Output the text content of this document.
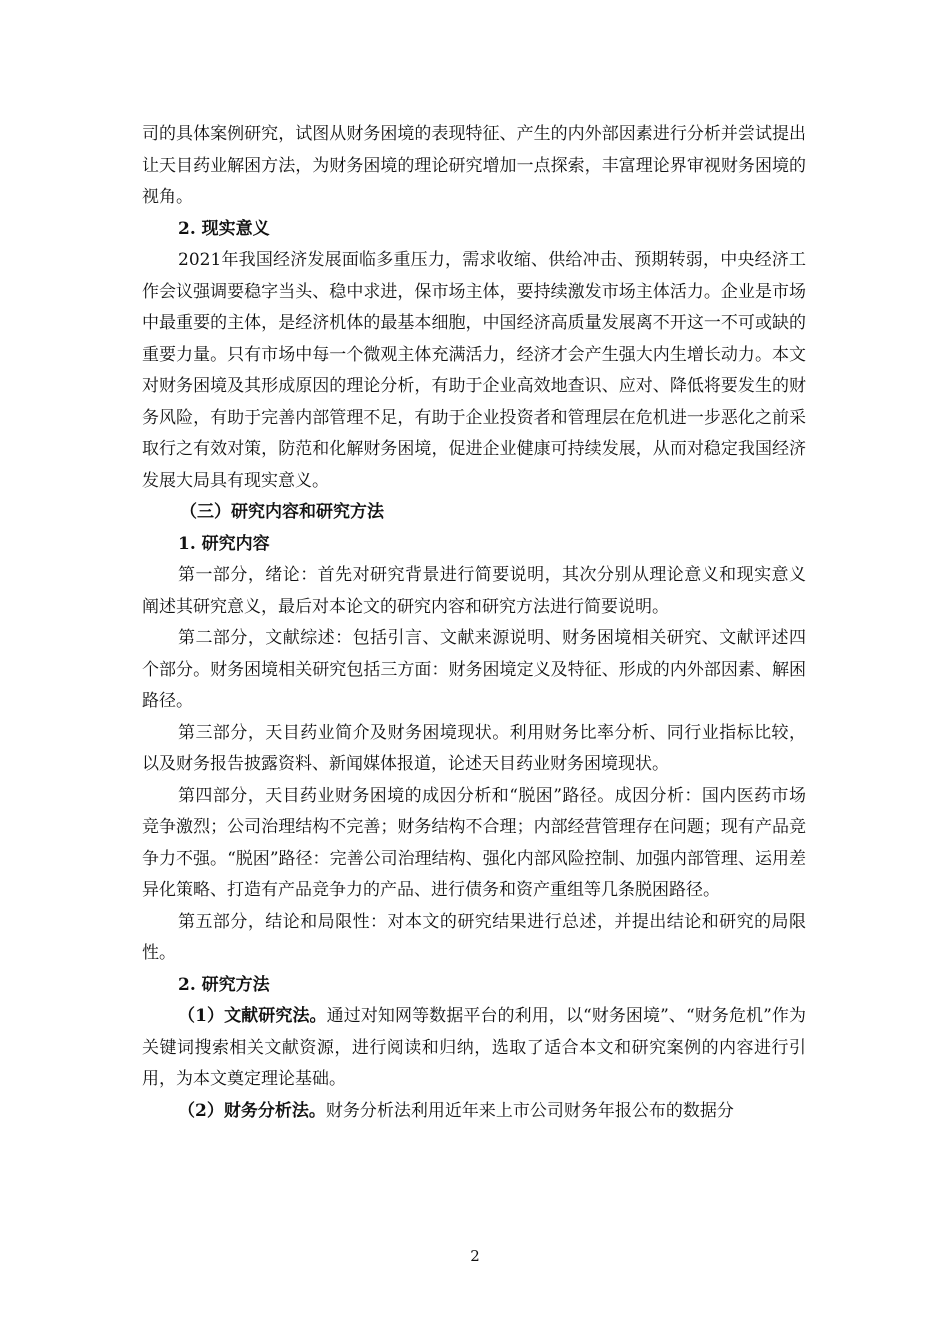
司的具体案例研究，试图从财务困境的表现特征、产生的内外部因素进行分析并尝试提出让天目药业解困方法，为财务困境的理论研究增加一点探索，丰富理论界审视财务困境的视角。

2. 现实意义

2021年我国经济发展面临多重压力，需求收缩、供给冲击、预期转弱，中央经济工作会议强调要稳字当头、稳中求进，保市场主体，要持续激发市场主体活力。企业是市场中最重要的主体，是经济机体的最基本细胞，中国经济高质量发展离不开这一不可或缺的重要力量。只有市场中每一个微观主体充满活力，经济才会产生强大内生增长动力。本文对财务困境及其形成原因的理论分析，有助于企业高效地查识、应对、降低将要发生的财务风险，有助于完善内部管理不足，有助于企业投资者和管理层在危机进一步恶化之前采取行之有效对策，防范和化解财务困境，促进企业健康可持续发展，从而对稳定我国经济发展大局具有现实意义。

（三）研究内容和研究方法

1. 研究内容

第一部分，绪论：首先对研究背景进行简要说明，其次分别从理论意义和现实意义阐述其研究意义，最后对本论文的研究内容和研究方法进行简要说明。

第二部分，文献综述：包括引言、文献来源说明、财务困境相关研究、文献评述四个部分。财务困境相关研究包括三方面：财务困境定义及特征、形成的内外部因素、解困路径。

第三部分，天目药业简介及财务困境现状。利用财务比率分析、同行业指标比较，以及财务报告披露资料、新闻媒体报道，论述天目药业财务困境现状。

第四部分，天目药业财务困境的成因分析和“脱困”路径。成因分析：国内医药市场竞争激烈；公司治理结构不完善；财务结构不合理；内部经营管理存在问题；现有产品竞争力不强。“脱困”路径：完善公司治理结构、强化内部风险控制、加强内部管理、运用差异化策略、打造有产品竞争力的产品、进行债务和资产重组等几条脱困路径。

第五部分，结论和局限性：对本文的研究结果进行总述，并提出结论和研究的局限性。

2. 研究方法

（1）文献研究法。通过对知网等数据平台的利用，以“财务困境”、“财务危机”作为关键词搜索相关文献资源，进行阅读和归纳，选取了适合本文和研究案例的内容进行引用，为本文奠定理论基础。

（2）财务分析法。财务分析法利用近年来上市公司财务年报公布的数据分

2
